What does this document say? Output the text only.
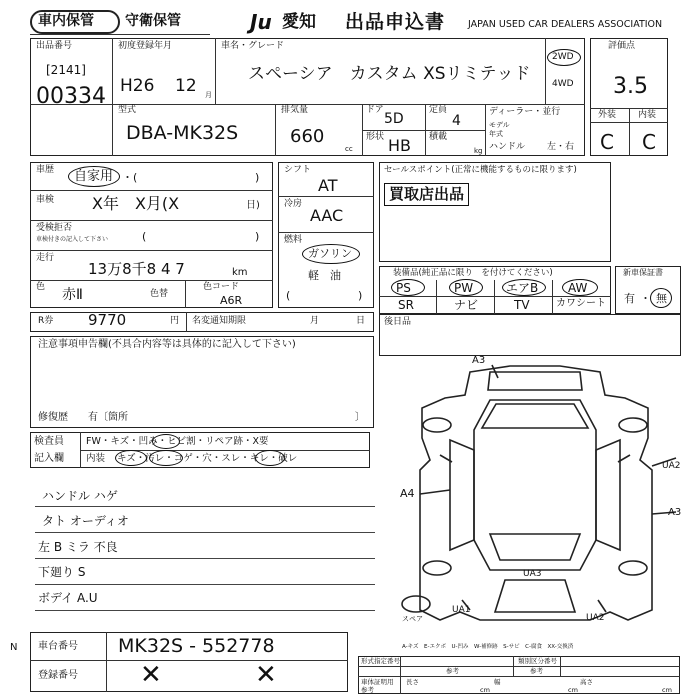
車内保管 守衛保管	Ju 愛知 出品申込書 JAPAN USED CAR DEALERS ASSOCIATION
出品番号
[2141]
00334
初度登録年月
H26 12 月
車名・グレード
スペーシア　カスタム XSリミテッド
2WD
4WD
評価点
3.5
外装 内装
C C
型式
DBA-MK32S
排気量
660
cc
ドア
5D
形状 HB
定員
4
積載
kg
ディーラー・並行
モデル
年式
ハンドル 左・右
車歴 自家用 ・(	)
車検 X年　X月(X	日)
受検拒否
車検付きの記入して下さい	(	)
走行
13万8千8 4 7	km
色 赤Ⅱ	色替
色コード
A6R
シフト
AT
冷房
AAC
燃料
ガソリン
軽　油
(	)
セールスポイント(正常に機能するものに限ります)
買取店出品
装備品(純正品に限り　を付けてください)
PS	PW	エアB AW
SR	ナビ	TV	カワシート
新車保証書
有 ・ 無
R券 9770	円 名変通知期限	月	日 後日品
注意事項申告欄(不具合内容等は具体的に記入して下さい)
修復歴　　有〔箇所	〕
検査員
記入欄
FW・キズ・凹み・ヒビ割・リペア跡・X要
内装 キズ・汚レ・コゲ・穴・スレ・キレ・破レ
ハンドル ハゲ
タト オーディオ
左 B ミラ 不良
下廻り S
ボデイ A.U
N 車台番号 MK32S - 552778
登録番号 ✕	✕	形式指定番号
参考
類別区分番号
参考
車体証明用 長さ	幅	高さ
参考	cm	cm	cm
A-キズ　E-エクボ　U-凹み　W-補修跡　S-サビ　C-腐食　XX-交換済
A3
A4
UA2
A3
UA3
UA1
UA2
スペア
